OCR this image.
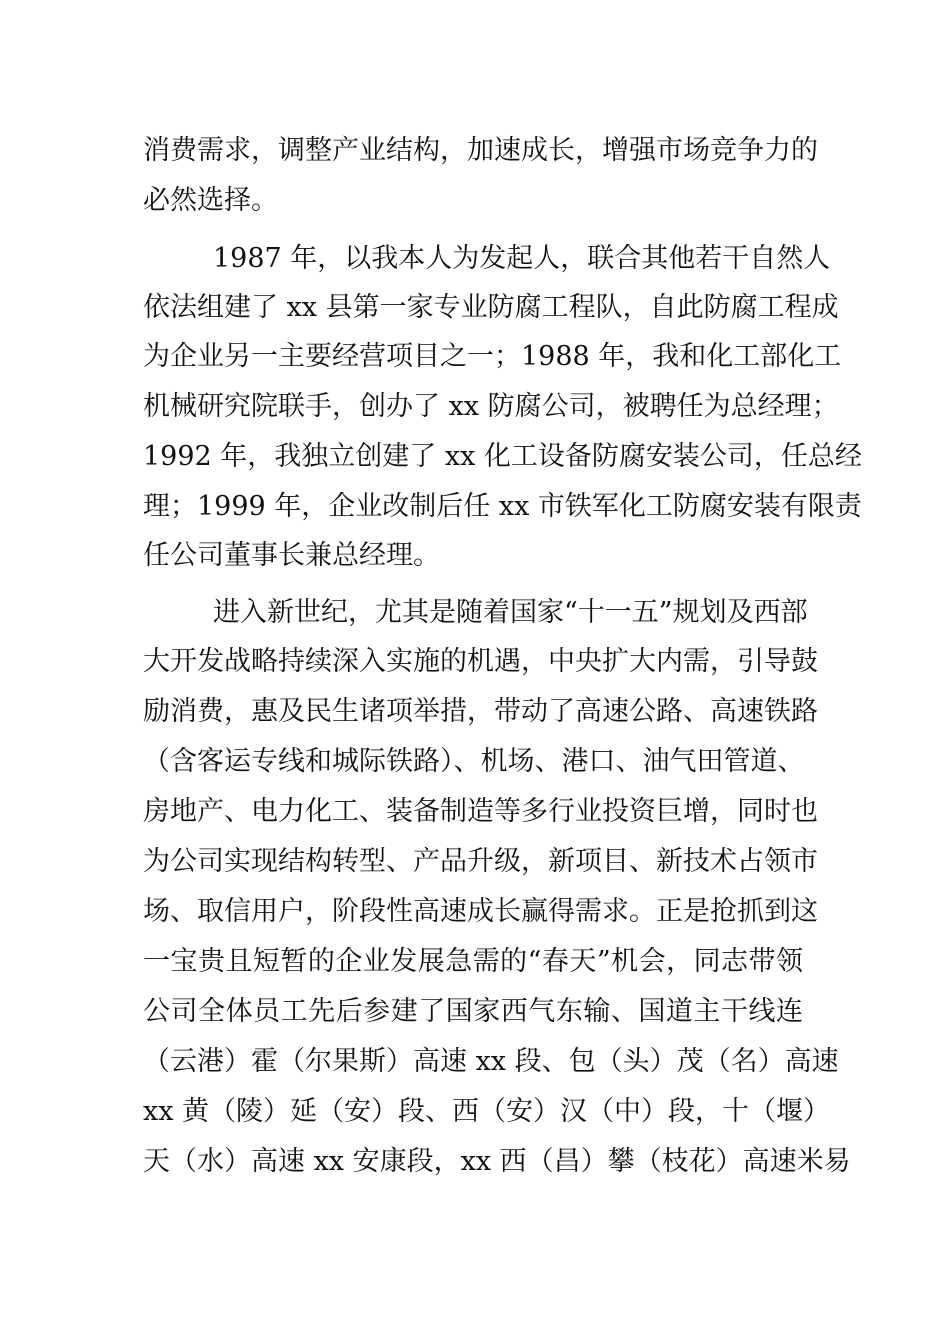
消费需求，调整产业结构，加速成长，增强市场竞争力的
必然选择。
1987 年，以我本人为发起人，联合其他若干自然人
依法组建了 xx 县第一家专业防腐工程队，自此防腐工程成
为企业另一主要经营项目之一；1988 年，我和化工部化工
机械研究院联手，创办了 xx 防腐公司，被聘任为总经理；
1992 年，我独立创建了 xx 化工设备防腐安装公司，任总经
理；1999 年，企业改制后任 xx 市铁军化工防腐安装有限责
任公司董事长兼总经理。
进入新世纪，尤其是随着国家“十一五”规划及西部
大开发战略持续深入实施的机遇，中央扩大内需，引导鼓
励消费，惠及民生诸项举措，带动了高速公路、高速铁路
（含客运专线和城际铁路）、机场、港口、油气田管道、
房地产、电力化工、装备制造等多行业投资巨增，同时也
为公司实现结构转型、产品升级，新项目、新技术占领市
场、取信用户，阶段性高速成长赢得需求。正是抢抓到这
一宝贵且短暂的企业发展急需的“春天”机会，同志带领
公司全体员工先后参建了国家西气东输、国道主干线连
（云港）霍（尔果斯）高速 xx 段、包（头）茂（名）高速
xx 黄（陵）延（安）段、西（安）汉（中）段，十（堰）
天（水）高速 xx 安康段，xx 西（昌）攀（枝花）高速米易
